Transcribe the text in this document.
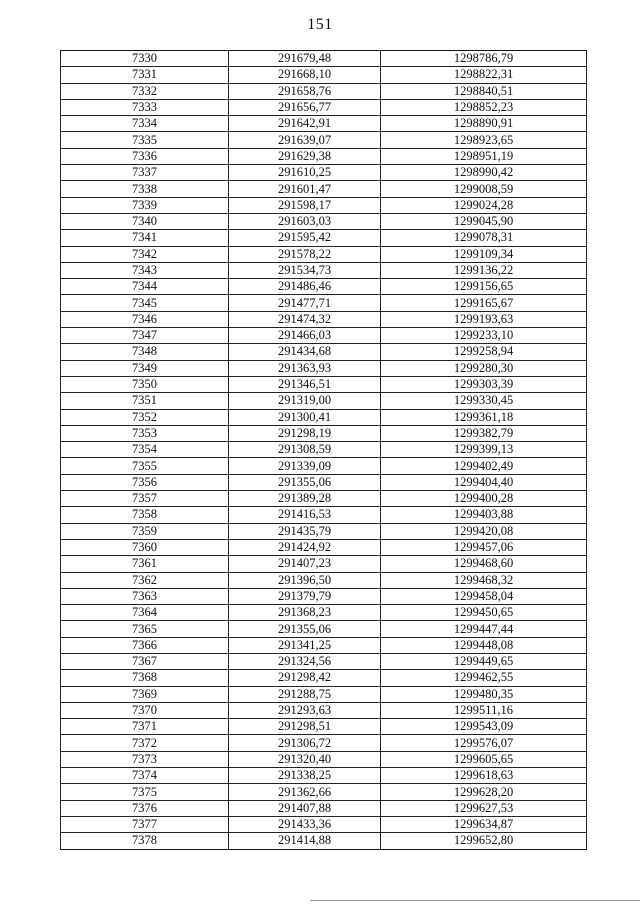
151
7330	291679,48	1298786,79
7331	291668,10	1298822,31
7332	291658,76	1298840,51
7333	291656,77	1298852,23
7334	291642,91	1298890,91
7335	291639,07	1298923,65
7336	291629,38	1298951,19
7337	291610,25	1298990,42
7338	291601,47	1299008,59
7339	291598,17	1299024,28
7340	291603,03	1299045,90
7341	291595,42	1299078,31
7342	291578,22	1299109,34
7343	291534,73	1299136,22
7344	291486,46	1299156,65
7345	291477,71	1299165,67
7346	291474,32	1299193,63
7347	291466,03	1299233,10
7348	291434,68	1299258,94
7349	291363,93	1299280,30
7350	291346,51	1299303,39
7351	291319,00	1299330,45
7352	291300,41	1299361,18
7353	291298,19	1299382,79
7354	291308,59	1299399,13
7355	291339,09	1299402,49
7356	291355,06	1299404,40
7357	291389,28	1299400,28
7358	291416,53	1299403,88
7359	291435,79	1299420,08
7360	291424,92	1299457,06
7361	291407,23	1299468,60
7362	291396,50	1299468,32
7363	291379,79	1299458,04
7364	291368,23	1299450,65
7365	291355,06	1299447,44
7366	291341,25	1299448,08
7367	291324,56	1299449,65
7368	291298,42	1299462,55
7369	291288,75	1299480,35
7370	291293,63	1299511,16
7371	291298,51	1299543,09
7372	291306,72	1299576,07
7373	291320,40	1299605,65
7374	291338,25	1299618,63
7375	291362,66	1299628,20
7376	291407,88	1299627,53
7377	291433,36	1299634,87
7378	291414,88	1299652,80
